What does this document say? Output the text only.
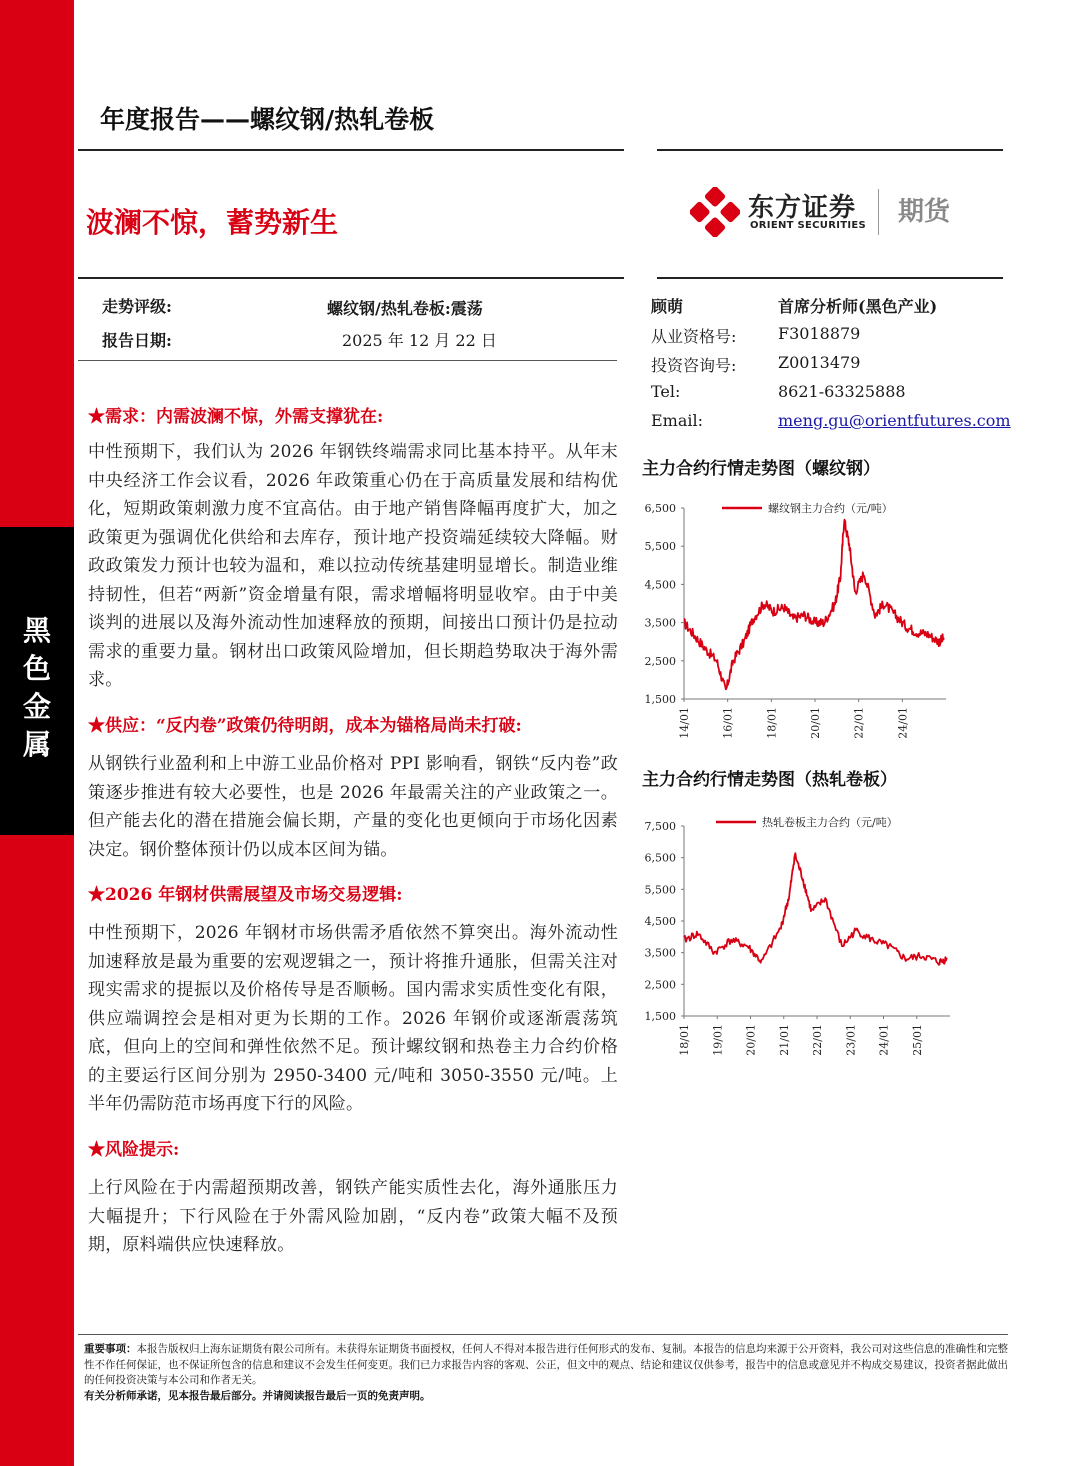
黑
色
金
属
年度报告——螺纹钢/热轧卷板
波澜不惊，蓄势新生	东方证券
ORIENT SECURITIES 期货
走势评级:	螺纹钢/热轧卷板:震荡
报告日期:	2025 年 12 月 22 日
顾萌	首席分析师(黑色产业)
从业资格号:	F3018879
投资咨询号:	Z0013479
Tel:	8621-63325888
Email:	meng.gu@orientfutures.com
★需求：内需波澜不惊，外需支撑犹在:
中性预期下，我们认为 2026 年钢铁终端需求同比基本持平。从年末中央经济工作会议看，2026 年政策重心仍在于高质量发展和结构优化，短期政策刺激力度不宜高估。由于地产销售降幅再度扩大，加之政策更为强调优化供给和去库存，预计地产投资端延续较大降幅。财政政策发力预计也较为温和，难以拉动传统基建明显增长。制造业维持韧性，但若“两新”资金增量有限，需求增幅将明显收窄。由于中美谈判的进展以及海外流动性加速释放的预期，间接出口预计仍是拉动需求的重要力量。钢材出口政策风险增加，但长期趋势取决于海外需求。
★供应：“反内卷”政策仍待明朗，成本为锚格局尚未打破:
从钢铁行业盈利和上中游工业品价格对 PPI 影响看，钢铁“反内卷”政策逐步推进有较大必要性，也是 2026 年最需关注的产业政策之一。但产能去化的潜在措施会偏长期，产量的变化也更倾向于市场化因素决定。钢价整体预计仍以成本区间为锚。
★2026 年钢材供需展望及市场交易逻辑:
中性预期下，2026 年钢材市场供需矛盾依然不算突出。海外流动性加速释放是最为重要的宏观逻辑之一，预计将推升通胀，但需关注对现实需求的提振以及价格传导是否顺畅。国内需求实质性变化有限，供应端调控会是相对更为长期的工作。2026 年钢价或逐渐震荡筑底，但向上的空间和弹性依然不足。预计螺纹钢和热卷主力合约价格的主要运行区间分别为 2950-3400 元/吨和 3050-3550 元/吨。上半年仍需防范市场再度下行的风险。
★风险提示:
上行风险在于内需超预期改善，钢铁产能实质性去化，海外通胀压力大幅提升；下行风险在于外需风险加剧，“反内卷”政策大幅不及预期，原料端供应快速释放。
主力合约行情走势图（螺纹钢）
6,500
5,500
4,500
3,500
2,500
1,500
14/01	16/01	18/01	20/01	22/01	24/01
螺纹钢主力合约（元/吨）
主力合约行情走势图（热轧卷板）
7,500
6,500
5,500
4,500
3,500
2,500
1,500
18/01 19/01 20/01 21/01 22/01 23/01 24/01 25/01
热轧卷板主力合约（元/吨）
重要事项：本报告版权归上海东证期货有限公司所有。未获得东证期货书面授权，任何人不得对本报告进行任何形式的发布、复制。本报告的信息均来源于公开资料，我公司对这些信息的准确性和完整性不作任何保证，也不保证所包含的信息和建议不会发生任何变更。我们已力求报告内容的客观、公正，但文中的观点、结论和建议仅供参考，报告中的信息或意见并不构成交易建议，投资者据此做出的任何投资决策与本公司和作者无关。
有关分析师承诺，见本报告最后部分。并请阅读报告最后一页的免责声明。
